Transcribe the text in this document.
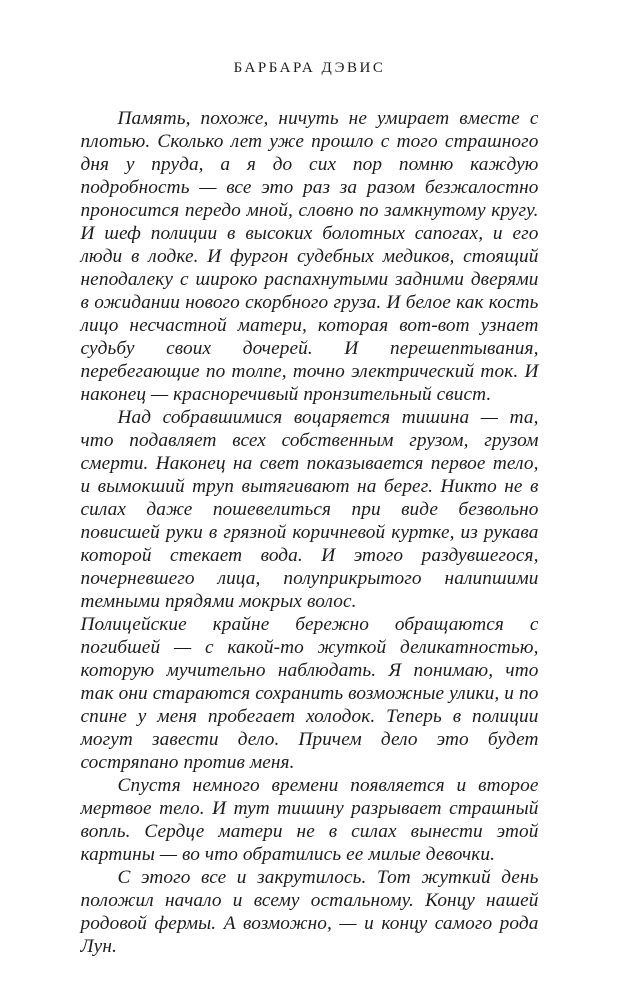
БАРБАРА ДЭВИС

Память, похоже, ничуть не умирает вместе с плотью. Сколько лет уже прошло с того страшного дня у пруда, а я до сих пор помню каждую подробность — все это раз за разом безжалостно проносится передо мной, словно по замкнутому кругу. И шеф полиции в высоких болотных сапогах, и его люди в лодке. И фургон судебных медиков, стоящий неподалеку с широко распахнутыми задними дверями в ожидании нового скорбного груза. И белое как кость лицо несчастной матери, которая вот-вот узнает судьбу своих дочерей. И перешептывания, перебегающие по толпе, точно электрический ток. И наконец — красноречивый пронзительный свист.

Над собравшимися воцаряется тишина — та, что подавляет всех собственным грузом, грузом смерти. Наконец на свет показывается первое тело, и вымокший труп вытягивают на берег. Никто не в силах даже пошевелиться при виде безвольно повисшей руки в грязной коричневой куртке, из рукава которой стекает вода. И этого раздувшегося, почерневшего лица, полуприкрытого налипшими темными прядями мокрых волос.

Полицейские крайне бережно обращаются с погибшей — с какой-то жуткой деликатностью, которую мучительно наблюдать. Я понимаю, что так они стараются сохранить возможные улики, и по спине у меня пробегает холодок. Теперь в полиции могут завести дело. Причем дело это будет состряпано против меня.

Спустя немного времени появляется и второе мертвое тело. И тут тишину разрывает страшный вопль. Сердце матери не в силах вынести этой картины — во что обратились ее милые девочки.

С этого все и закрутилось. Тот жуткий день положил начало и всему остальному. Концу нашей родовой фермы. А возможно, — и концу самого рода Лун.
